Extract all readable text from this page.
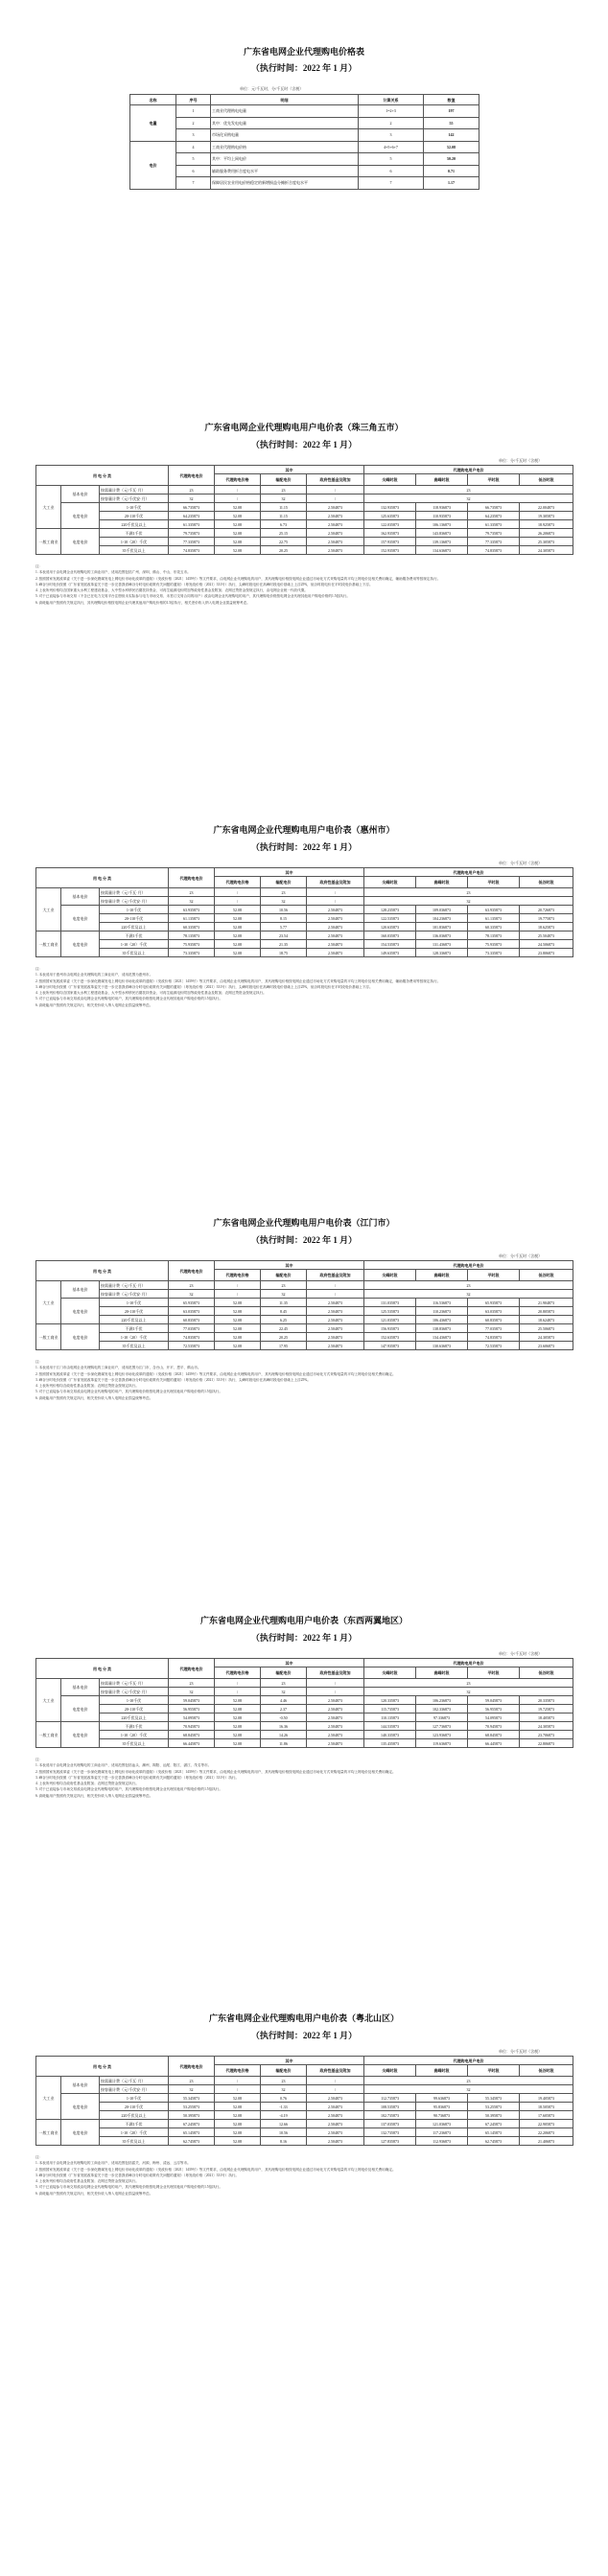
广东省电网企业代理购电价格表
（执行时间：2022 年 1 月）
单位：元/千瓦时，分/千瓦时（含税）
名称	序号	明细	计算关系	数值
电量	1	工商业代理购电电量	1=2+3	197
	2	其中：优先发电电量	2	55
	3	市场化采购电量	3	142
电价	4	工商业代理购电价格	4=5+6+7	52.08
	5	其中：平均上网电价	5	50.20
	6	辅助服务费用折合度电水平	6	0.71
	7	保障居民农业用电价格稳定的新增损益分摊折合度电水平	7	1.17
广东省电网企业代理购电用户电价表（珠三角五市）
（执行时间：2022 年 1 月）
单位：分/千瓦时（含税）
用 电 分 类			代理购电电价	其中			代理购电用户电价			
				代理购电价格	输配电价	政府性基金及附加	尖峰时段	高峰时段	平时段	低谷时段
大工业	基本电价	按需量计费（元/千瓦·月）	23	/	23	/	23			
		按容量计费（元/千伏安·月）	32	/	32	/	32			
	电度电价	1-10千伏	66.735873	52.08	11.15	2.504873	132.935873	118.936873	66.735873	22.004873
		20-110千伏	64.235873	52.08	11.15	2.504873	125.635873	110.935873	64.235873	19.305873
		220千伏及以上	61.335873	52.08	6.73	2.504873	122.035873	106.136873	61.335873	18.925873
一般工商业	电度电价	不满1千伏	79.735873	52.08	25.15	2.504873	162.935873	143.836873	79.735873	26.206873
		1-10（20）千伏	77.335873	52.08	22.75	2.504873	157.935873	139.136873	77.335873	25.305873
		35千伏及以上	74.835873	52.08	20.25	2.504873	152.935873	134.636873	74.835873	24.305873
注：
1. 本表适用于由电网企业代理购电的工商业用户，适用范围包括广州、深圳、佛山、中山、东莞五市。
2. 按照国家发展改革委《关于进一步深化燃煤发电上网电价市场化改革的通知》（发改价格〔2021〕1439号）等文件要求，由电网企业代理购电的用户，其代理购电价格按电网企业通过市场化方式采购电量的平均上网电价及相关费用确定，辅助服务费用等按规定执行。
3. 峰谷分时电价按照《广东省发展改革委关于进一步完善我省峰谷分时电价政策有关问题的通知》（粤发改价格〔2021〕331号）执行，尖峰时段电价在高峰时段电价基础上上浮25%，低谷时段电价在平时段电价基础上下浮。
4. 上表所列价格均含国家重大水利工程建设基金、大中型水库移民后期扶持资金、可再生能源电价附加等政府性基金及附加；农网还贷资金按规定执行，由电网企业统一代收代缴。
5. 对于已直接参与市场交易（不含已在电力交易平台注册但未实际参与电力市场交易、未签订交易合同的用户）改由电网企业代理购电的用户，其代理购电价格按电网企业代理其他用户购电价格的1.5倍执行。
6. 高耗能用户按照有关规定执行，其代理购电价格按电网企业代理其他用户购电价格的1.5倍执行，相关差价收入纳入电网企业损益统筹考虑。
广东省电网企业代理购电用户电价表（惠州市）
（执行时间：2022 年 1 月）
单位：分/千瓦时（含税）
用 电 分 类			代理购电电价	其中			代理购电用户电价			
				代理购电价格	输配电价	政府性基金及附加	尖峰时段	高峰时段	平时段	低谷时段
大工业	基本电价	按需量计费（元/千瓦·月）	23	/	23	/	23			
		按容量计费（元/千伏安·月）	32	/	32	/	32			
	电度电价	1-10千伏	63.935873	52.08	10.56	2.504873	128.235873	109.036873	63.935873	20.726873
		20-110千伏	61.135873	52.08	8.15	2.504873	122.535873	104.236873	61.135873	19.775873
		220千伏及以上	60.335873	52.08	5.77	2.504873	120.635873	101.836873	60.335873	18.625873
一般工商业	电度电价	不满1千伏	78.135873	52.08	23.54	2.504873	160.035873	136.036873	78.135873	25.504873
		1-10（20）千伏	75.935873	52.08	21.35	2.504873	154.535873	131.436873	75.935873	24.506873
		35千伏及以上	73.335873	52.08	18.75	2.504873	149.635873	128.336873	73.335873	23.806873
注：
1. 本表适用于惠州市由电网企业代理购电的工商业用户，适用范围为惠州市。
2. 按照国家发展改革委《关于进一步深化燃煤发电上网电价市场化改革的通知》（发改价格〔2021〕1439号）等文件要求，由电网企业代理购电的用户，其代理购电价格按电网企业通过市场化方式采购电量的平均上网电价及相关费用确定，辅助服务费用等按规定执行。
3. 峰谷分时电价按照《广东省发展改革委关于进一步完善我省峰谷分时电价政策有关问题的通知》（粤发改价格〔2021〕331号）执行，尖峰时段电价在高峰时段电价基础上上浮25%，低谷时段电价在平时段电价基础上下浮。
4. 上表所列价格均含国家重大水利工程建设基金、大中型水库移民后期扶持资金、可再生能源电价附加等政府性基金及附加；农网还贷资金按规定执行。
5. 对于已直接参与市场交易改由电网企业代理购电的用户，其代理购电价格按电网企业代理其他用户购电价格的1.5倍执行。
6. 高耗能用户按照有关规定执行，相关差价收入纳入电网企业损益统筹考虑。
广东省电网企业代理购电用户电价表（江门市）
（执行时间：2022 年 1 月）
单位：分/千瓦时（含税）
用 电 分 类			代理购电电价	其中			代理购电用户电价			
				代理购电价格	输配电价	政府性基金及附加	尖峰时段	高峰时段	平时段	低谷时段
大工业	基本电价	按需量计费（元/千瓦·月）	23	/	23	/	23			
		按容量计费（元/千伏安·月）	32	/	32	/	32			
	电度电价	1-10千伏	65.935873	52.08	11.35	2.504873	131.035873	116.536873	65.935873	21.904873
		20-110千伏	63.035873	52.08	8.45	2.504873	125.535873	110.236873	63.035873	20.805873
		220千伏及以上	60.835873	52.08	6.25	2.504873	121.035873	106.436873	60.835873	18.624873
一般工商业	电度电价	不满1千伏	77.035873	52.08	22.45	2.504873	156.935873	138.836873	77.035873	25.506873
		1-10（20）千伏	74.835873	52.08	20.25	2.504873	152.635873	134.436873	74.835873	24.305873
		35千伏及以上	72.535873	52.08	17.95	2.504873	147.935873	130.636873	72.535873	23.606873
注：
1. 本表适用于江门市由电网企业代理购电的工商业用户，适用范围为江门市，含台山、开平、恩平、鹤山市。
2. 按照国家发展改革委《关于进一步深化燃煤发电上网电价市场化改革的通知》（发改价格〔2021〕1439号）等文件要求，由电网企业代理购电的用户，其代理购电价格按电网企业通过市场化方式采购电量的平均上网电价及相关费用确定。
3. 峰谷分时电价按照《广东省发展改革委关于进一步完善我省峰谷分时电价政策有关问题的通知》（粤发改价格〔2021〕331号）执行，尖峰时段电价在高峰时段电价基础上上浮25%。
4. 上表所列价格均含政府性基金及附加；农网还贷资金按规定执行。
5. 对于已直接参与市场交易改由电网企业代理购电的用户，其代理购电价格按电网企业代理其他用户购电价格的1.5倍执行。
6. 高耗能用户按照有关规定执行，相关差价收入纳入电网企业损益统筹考虑。
广东省电网企业代理购电用户电价表（东西两翼地区）
（执行时间：2022 年 1 月）
单位：分/千瓦时（含税）
用 电 分 类			代理购电电价	其中			代理购电用户电价			
				代理购电价格	输配电价	政府性基金及附加	尖峰时段	高峰时段	平时段	低谷时段
大工业	基本电价	按需量计费（元/千瓦·月）	23	/	23	/	23			
		按容量计费（元/千伏安·月）	32	/	32	/	32			
	电度电价	1-10千伏	59.045873	52.08	4.46	2.504873	120.335873	106.236873	59.045873	20.335873
		20-110千伏	56.955873	52.08	2.37	2.504873	115.735873	102.336873	56.955873	19.725873
		220千伏及以上	54.095873	52.08	-0.50	2.504873	110.135873	97.336873	54.095873	18.405873
一般工商业	电度电价	不满1千伏	70.945873	52.08	16.36	2.504873	144.535873	127.736873	70.945873	24.305873
		1-10（20）千伏	68.845873	52.08	14.26	2.504873	140.335873	123.936873	68.845873	23.706873
		35千伏及以上	66.445873	52.08	11.86	2.504873	135.435873	119.636873	66.445873	22.806873
注：
1. 本表适用于由电网企业代理购电的工商业用户，适用范围包括汕头、潮州、揭阳、汕尾、阳江、湛江、茂名等市。
2. 按照国家发展改革委《关于进一步深化燃煤发电上网电价市场化改革的通知》（发改价格〔2021〕1439号）等文件要求，由电网企业代理购电的用户，其代理购电价格按电网企业通过市场化方式采购电量的平均上网电价及相关费用确定。
3. 峰谷分时电价按照《广东省发展改革委关于进一步完善我省峰谷分时电价政策有关问题的通知》（粤发改价格〔2021〕331号）执行。
4. 上表所列价格均含政府性基金及附加；农网还贷资金按规定执行。
5. 对于已直接参与市场交易改由电网企业代理购电的用户，其代理购电价格按电网企业代理其他用户购电价格的1.5倍执行。
6. 高耗能用户按照有关规定执行，相关差价收入纳入电网企业损益统筹考虑。
广东省电网企业代理购电用户电价表（粤北山区）
（执行时间：2022 年 1 月）
单位：分/千瓦时（含税）
用 电 分 类			代理购电电价	其中			代理购电用户电价			
				代理购电价格	输配电价	政府性基金及附加	尖峰时段	高峰时段	平时段	低谷时段
大工业	基本电价	按需量计费（元/千瓦·月）	23	/	23	/	23			
		按容量计费（元/千伏安·月）	32	/	32	/	32			
	电度电价	1-10千伏	55.345873	52.08	0.76	2.504873	112.735873	99.636873	55.345873	19.405873
		20-110千伏	53.255873	52.08	-1.33	2.504873	108.535873	95.836873	53.255873	18.505873
		220千伏及以上	50.395873	52.08	-4.19	2.504873	102.735873	90.736873	50.395873	17.605873
一般工商业	电度电价	不满1千伏	67.245873	52.08	12.66	2.504873	137.035873	121.036873	67.245873	22.905873
		1-10（20）千伏	65.145873	52.08	10.56	2.504873	132.735873	117.236873	65.145873	22.206873
		35千伏及以上	62.745873	52.08	8.16	2.504873	127.835873	112.936873	62.745873	21.406873
注：
1. 本表适用于由电网企业代理购电的工商业用户，适用范围包括韶关、河源、梅州、清远、云浮等市。
2. 按照国家发展改革委《关于进一步深化燃煤发电上网电价市场化改革的通知》（发改价格〔2021〕1439号）等文件要求，由电网企业代理购电的用户，其代理购电价格按电网企业通过市场化方式采购电量的平均上网电价及相关费用确定。
3. 峰谷分时电价按照《广东省发展改革委关于进一步完善我省峰谷分时电价政策有关问题的通知》（粤发改价格〔2021〕331号）执行。
4. 上表所列价格均含政府性基金及附加；农网还贷资金按规定执行。
5. 对于已直接参与市场交易改由电网企业代理购电的用户，其代理购电价格按电网企业代理其他用户购电价格的1.5倍执行。
6. 高耗能用户按照有关规定执行，相关差价收入纳入电网企业损益统筹考虑。
